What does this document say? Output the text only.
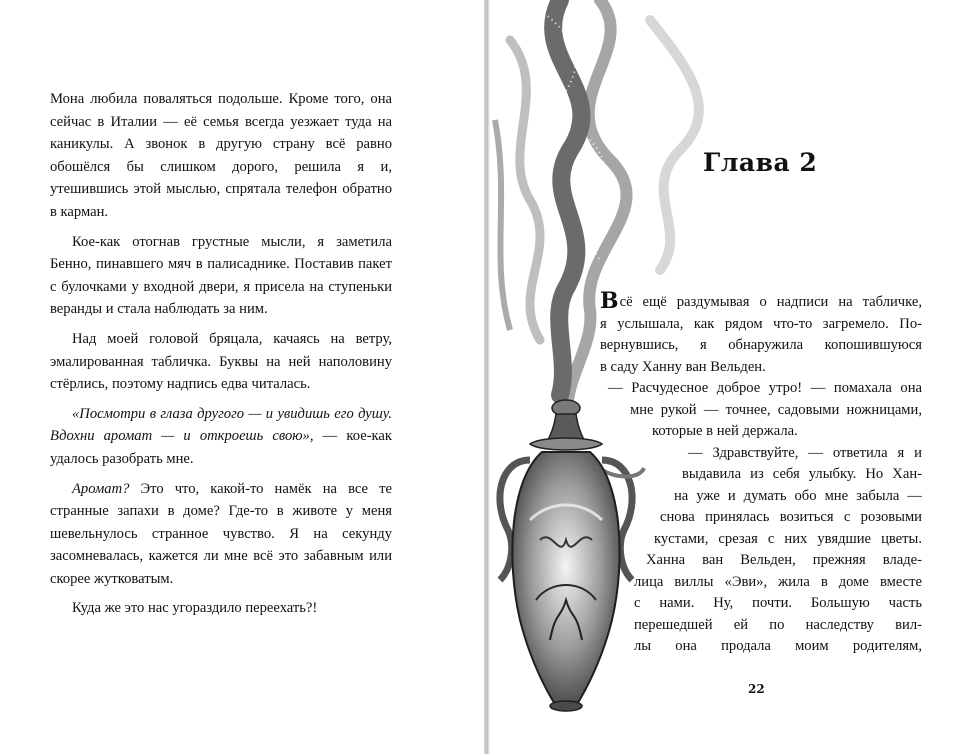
Мона любила поваляться подольше. Кроме того, она сейчас в Италии — её семья всегда уезжает туда на каникулы. А звонок в другую страну всё равно обошёлся бы слишком дорого, решила я и, утешившись этой мыслью, спрятала телефон обратно в карман.

Кое-как отогнав грустные мысли, я заметила Бенно, пинавшего мяч в палисаднике. Поставив пакет с булочками у входной двери, я присела на ступеньки веранды и стала наблюдать за ним.

Над моей головой бряцала, качаясь на ветру, эмалированная табличка. Буквы на ней наполовину стёрлись, поэтому надпись едва читалась.

«Посмотри в глаза другого — и увидишь его душу. Вдохни аромат — и откроешь свою», — кое-как удалось разобрать мне.

Аромат? Это что, какой-то намёк на все те странные запахи в доме? Где-то в животе у меня шевельнулось странное чувство. Я на секунду засомневалась, кажется ли мне всё это забавным или скорее жутковатым.

Куда же это нас угораздило переехать?!

Глава 2
Всё ещё раздумывая о надписи на табличке,
я услышала, как рядом что-то загремело. По-
вернувшись, я обнаружила копошившуюся
в саду Ханну ван Вельден.
— Расчудесное доброе утро! — помахала она
мне рукой — точнее, садовыми ножницами,
которые в ней держала.
— Здравствуйте, — ответила я и
выдавила из себя улыбку. Но Хан-
на уже и думать обо мне забыла —
снова принялась возиться с розовыми
кустами, срезая с них увядшие цветы.
Ханна ван Вельден, прежняя владе-
лица виллы «Эви», жила в доме вместе
с нами. Ну, почти. Большую часть
перешедшей ей по наследству вил-
лы она продала моим родителям,
22
